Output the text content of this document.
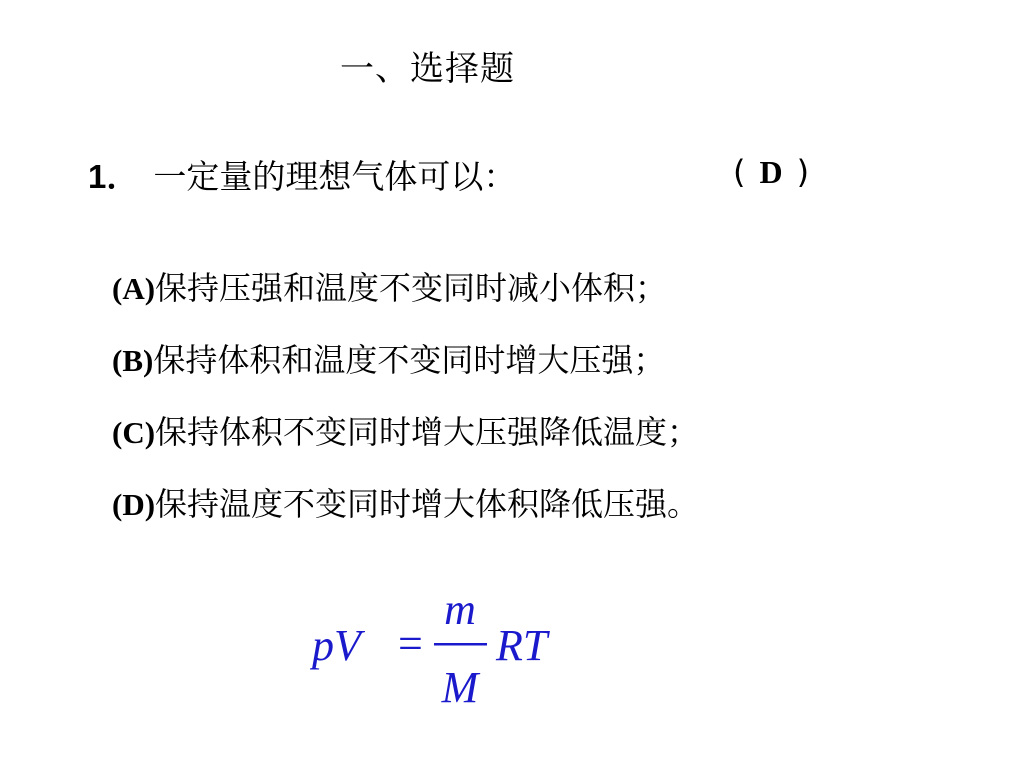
一、选择题
1． 一定量的理想气体可以：	( D )
(A)保持压强和温度不变同时减小体积；
(B)保持体积和温度不变同时增大压强；
(C)保持体积不变同时增大压强降低温度；
(D)保持温度不变同时增大体积降低压强。
pV =
m
M
RT
